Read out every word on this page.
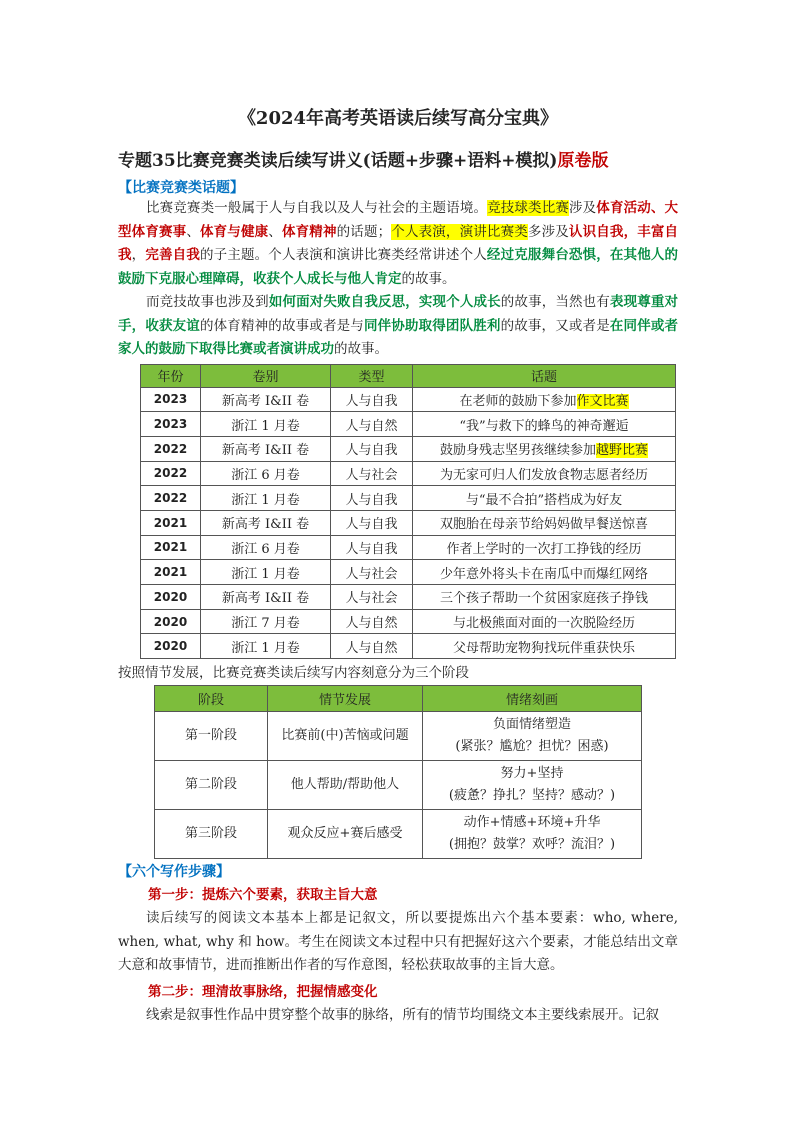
《2024年高考英语读后续写高分宝典》
专题35比赛竞赛类读后续写讲义(话题+步骤+语料+模拟)原卷版
【比赛竞赛类话题】

比赛竞赛类一般属于人与自我以及人与社会的主题语境。竞技球类比赛涉及体育活动、大型体育赛事、体育与健康、体育精神的话题；个人表演，演讲比赛类多涉及认识自我，丰富自我，完善自我的子主题。个人表演和演讲比赛类经常讲述个人经过克服舞台恐惧，在其他人的鼓励下克服心理障碍，收获个人成长与他人肯定的故事。

而竞技故事也涉及到如何面对失败自我反思，实现个人成长的故事，当然也有表现尊重对手，收获友谊的体育精神的故事或者是与同伴协助取得团队胜利的故事，又或者是在同伴或者家人的鼓励下取得比赛或者演讲成功的故事。

年份	卷别	类型	话题
2023	新高考 I&II 卷	人与自我	在老师的鼓励下参加作文比赛
2023	浙江 1 月卷	人与自然	“我”与救下的蜂鸟的神奇邂逅
2022	新高考 I&II 卷	人与自我	鼓励身残志坚男孩继续参加越野比赛
2022	浙江 6 月卷	人与社会	为无家可归人们发放食物志愿者经历
2022	浙江 1 月卷	人与自我	与“最不合拍”搭档成为好友
2021	新高考 I&II 卷	人与自我	双胞胎在母亲节给妈妈做早餐送惊喜
2021	浙江 6 月卷	人与自我	作者上学时的一次打工挣钱的经历
2021	浙江 1 月卷	人与社会	少年意外将头卡在南瓜中而爆红网络
2020	新高考 I&II 卷	人与社会	三个孩子帮助一个贫困家庭孩子挣钱
2020	浙江 7 月卷	人与自然	与北极熊面对面的一次脱险经历
2020	浙江 1 月卷	人与自然	父母帮助宠物狗找玩伴重获快乐
按照情节发展，比赛竞赛类读后续写内容刻意分为三个阶段
阶段	情节发展	情绪刻画
第一阶段	比赛前(中)苦恼或问题	负面情绪塑造
(紧张？尴尬？担忧？困惑)

第二阶段	他人帮助/帮助他人	努力+坚持
(疲惫？挣扎？坚持？感动？)

第三阶段	观众反应+赛后感受	动作+情感+环境+升华
(拥抱？鼓掌？欢呼？流泪？)
【六个写作步骤】
第一步：提炼六个要素，获取主旨大意

读后续写的阅读文本基本上都是记叙文，所以要提炼出六个基本要素：who, where, when, what, why 和 how。考生在阅读文本过程中只有把握好这六个要素，才能总结出文章大意和故事情节，进而推断出作者的写作意图，轻松获取故事的主旨大意。

第二步：理清故事脉络，把握情感变化

线索是叙事性作品中贯穿整个故事的脉络，所有的情节均围绕文本主要线索展开。记叙
